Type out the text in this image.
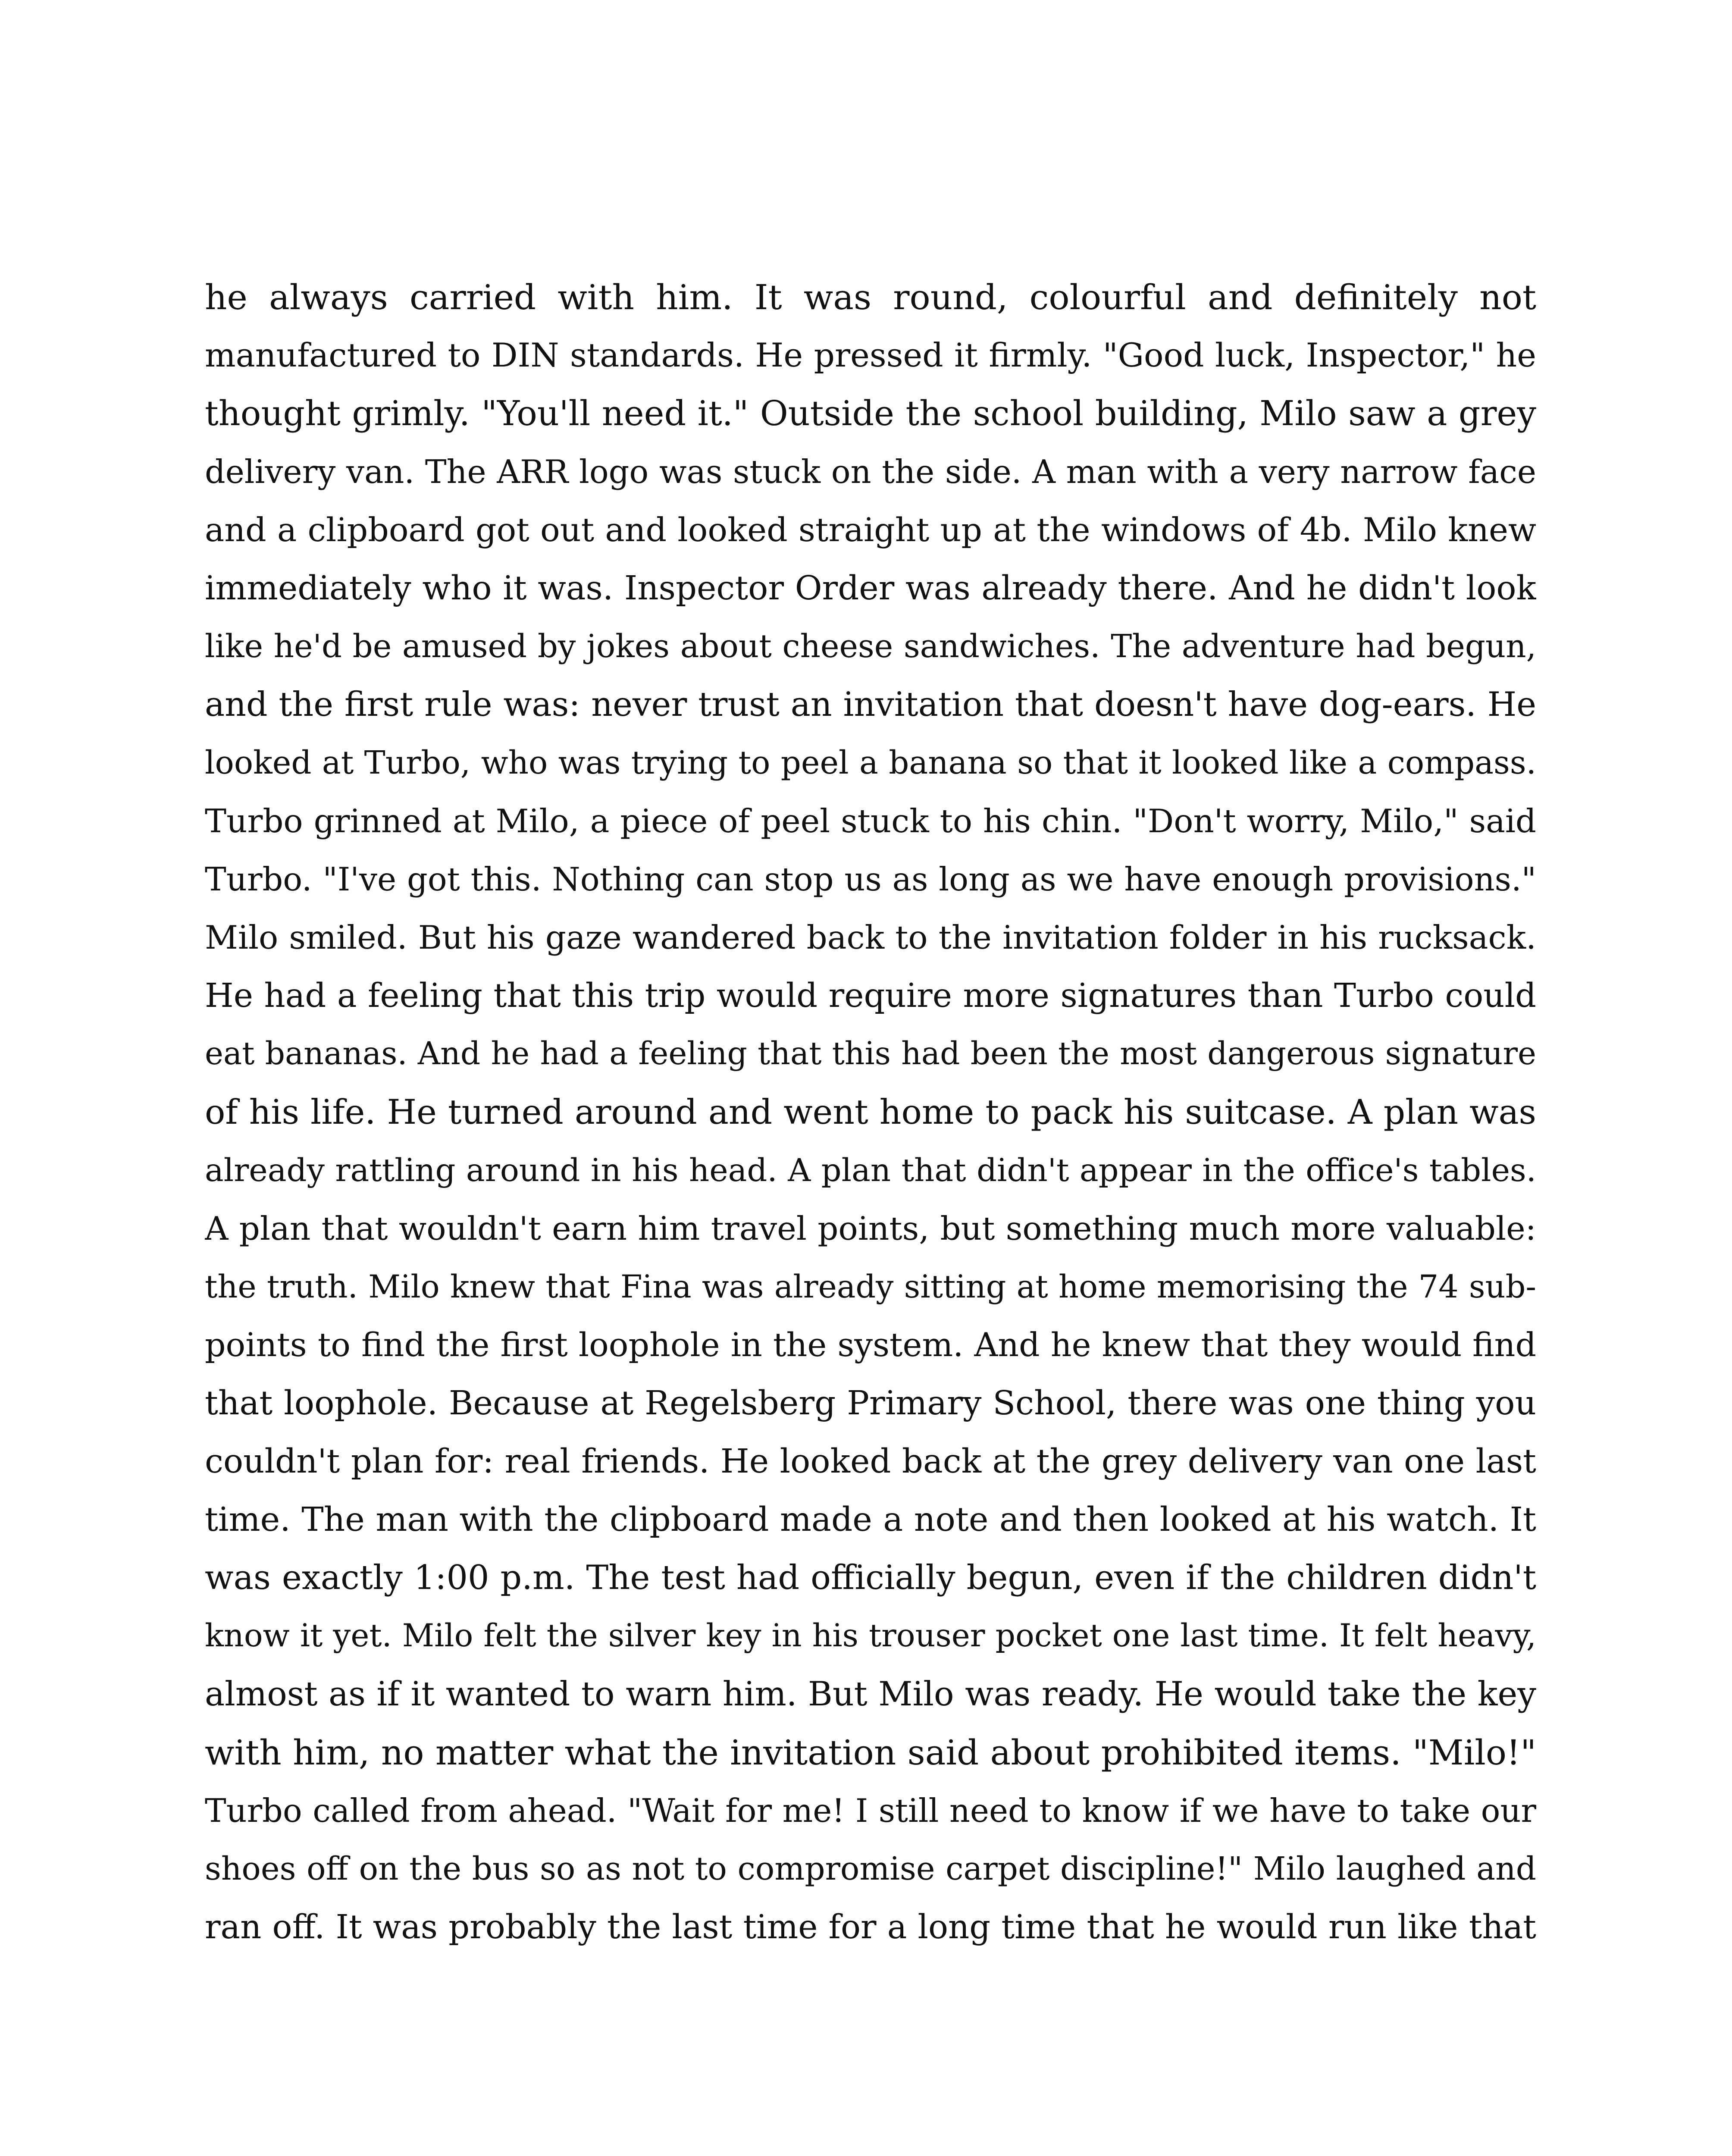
he always carried with him. It was round, colourful and definitely not
manufactured to DIN standards. He pressed it firmly. "Good luck, Inspector," he
thought grimly. "You'll need it." Outside the school building, Milo saw a grey
delivery van. The ARR logo was stuck on the side. A man with a very narrow face
and a clipboard got out and looked straight up at the windows of 4b. Milo knew
immediately who it was. Inspector Order was already there. And he didn't look
like he'd be amused by jokes about cheese sandwiches. The adventure had begun,
and the first rule was: never trust an invitation that doesn't have dog-ears. He
looked at Turbo, who was trying to peel a banana so that it looked like a compass.
Turbo grinned at Milo, a piece of peel stuck to his chin. "Don't worry, Milo," said
Turbo. "I've got this. Nothing can stop us as long as we have enough provisions."
Milo smiled. But his gaze wandered back to the invitation folder in his rucksack.
He had a feeling that this trip would require more signatures than Turbo could
eat bananas. And he had a feeling that this had been the most dangerous signature
of his life. He turned around and went home to pack his suitcase. A plan was
already rattling around in his head. A plan that didn't appear in the office's tables.
A plan that wouldn't earn him travel points, but something much more valuable:
the truth. Milo knew that Fina was already sitting at home memorising the 74 sub-
points to find the first loophole in the system. And he knew that they would find
that loophole. Because at Regelsberg Primary School, there was one thing you
couldn't plan for: real friends. He looked back at the grey delivery van one last
time. The man with the clipboard made a note and then looked at his watch. It
was exactly 1:00 p.m. The test had officially begun, even if the children didn't
know it yet. Milo felt the silver key in his trouser pocket one last time. It felt heavy,
almost as if it wanted to warn him. But Milo was ready. He would take the key
with him, no matter what the invitation said about prohibited items. "Milo!"
Turbo called from ahead. "Wait for me! I still need to know if we have to take our
shoes off on the bus so as not to compromise carpet discipline!" Milo laughed and
ran off. It was probably the last time for a long time that he would run like that
